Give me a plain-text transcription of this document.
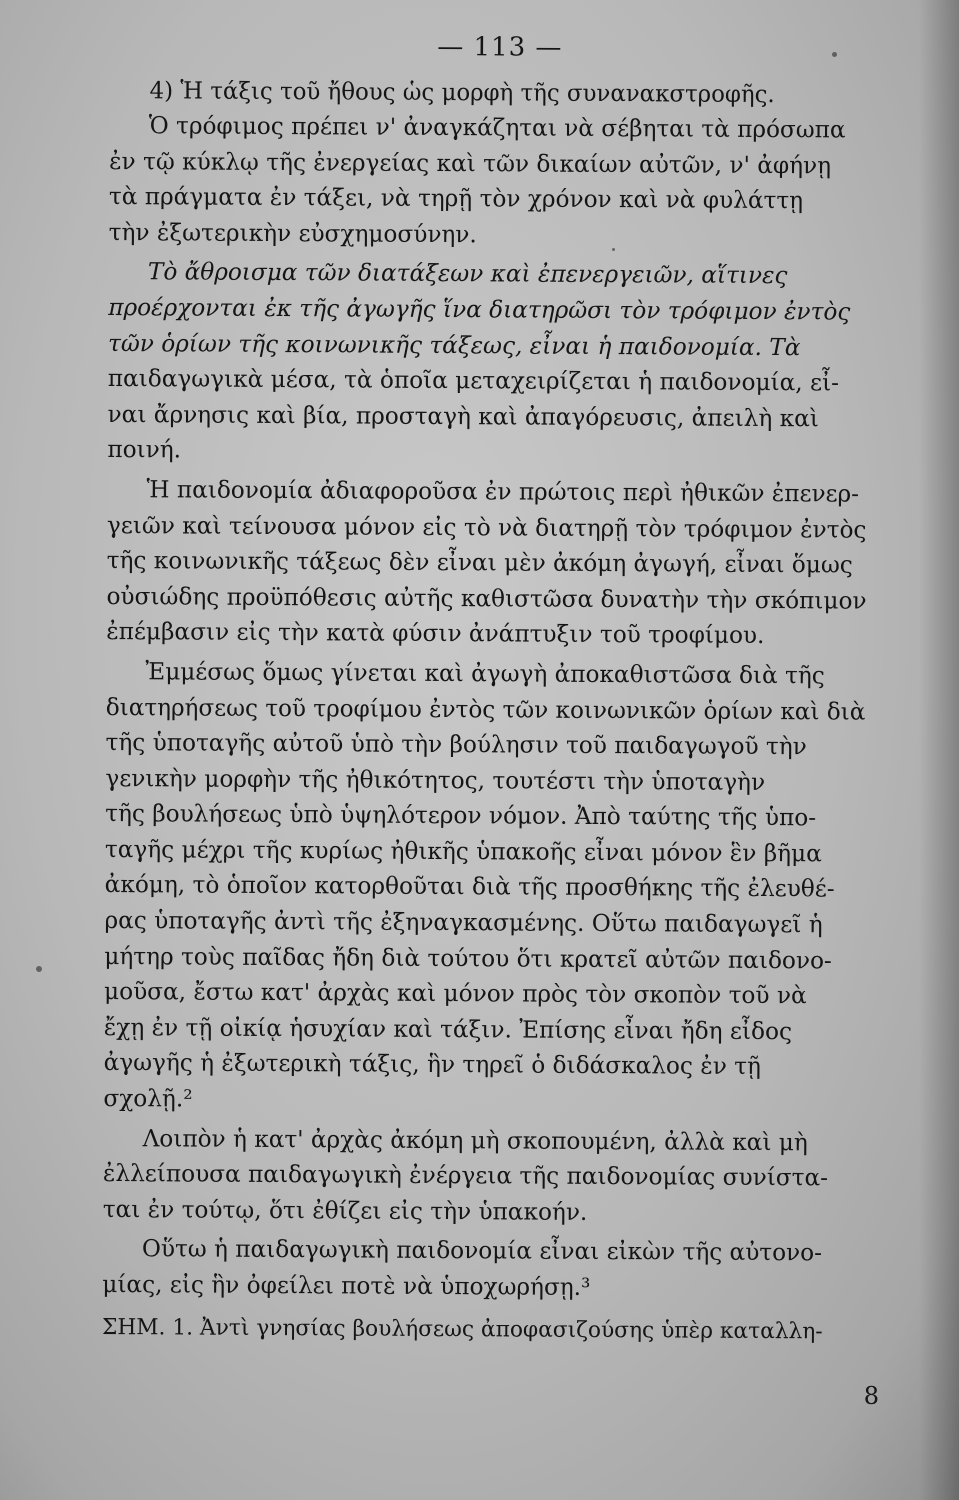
— 113 —
4) Ἡ τάξις τοῦ ἤθους ὡς μορφὴ τῆς συνανακστροφῆς.
Ὁ τρόφιμος πρέπει ν' ἀναγκάζηται νὰ σέβηται τὰ πρόσωπα
ἐν τῷ κύκλῳ τῆς ἐνεργείας καὶ τῶν δικαίων αὐτῶν, ν' ἀφήνῃ
τὰ πράγματα ἐν τάξει, νὰ τηρῇ τὸν χρόνον καὶ νὰ φυλάττῃ
τὴν ἐξωτερικὴν εὐσχημοσύνην.
Τὸ ἄθροισμα τῶν διατάξεων καὶ ἐπενεργειῶν, αἵτινες
προέρχονται ἐκ τῆς ἀγωγῆς ἵνα διατηρῶσι τὸν τρόφιμον ἐντὸς
τῶν ὁρίων τῆς κοινωνικῆς τάξεως, εἶναι ἡ παιδονομία. Τὰ
παιδαγωγικὰ μέσα, τὰ ὁποῖα μεταχειρίζεται ἡ παιδονομία, εἶ-
ναι ἄρνησις καὶ βία, προσταγὴ καὶ ἀπαγόρευσις, ἀπειλὴ καὶ
ποινή.
Ἡ παιδονομία ἀδιαφοροῦσα ἐν πρώτοις περὶ ἠθικῶν ἐπενερ-
γειῶν καὶ τείνουσα μόνον εἰς τὸ νὰ διατηρῇ τὸν τρόφιμον ἐντὸς
τῆς κοινωνικῆς τάξεως δὲν εἶναι μὲν ἀκόμη ἀγωγή, εἶναι ὅμως
οὐσιώδης προϋπόθεσις αὐτῆς καθιστῶσα δυνατὴν τὴν σκόπιμον
ἐπέμβασιν εἰς τὴν κατὰ φύσιν ἀνάπτυξιν τοῦ τροφίμου.
Ἐμμέσως ὅμως γίνεται καὶ ἀγωγὴ ἀποκαθιστῶσα διὰ τῆς
διατηρήσεως τοῦ τροφίμου ἐντὸς τῶν κοινωνικῶν ὁρίων καὶ διὰ
τῆς ὑποταγῆς αὐτοῦ ὑπὸ τὴν βούλησιν τοῦ παιδαγωγοῦ τὴν
γενικὴν μορφὴν τῆς ἠθικότητος, τουτέστι τὴν ὑποταγὴν
τῆς βουλήσεως ὑπὸ ὑψηλότερον νόμον. Ἀπὸ ταύτης τῆς ὑπο-
ταγῆς μέχρι τῆς κυρίως ἠθικῆς ὑπακοῆς εἶναι μόνον ἓν βῆμα
ἀκόμη, τὸ ὁποῖον κατορθοῦται διὰ τῆς προσθήκης τῆς ἐλευθέ-
ρας ὑποταγῆς ἀντὶ τῆς ἐξηναγκασμένης. Οὕτω παιδαγωγεῖ ἡ
μήτηρ τοὺς παῖδας ἤδη διὰ τούτου ὅτι κρατεῖ αὐτῶν παιδονο-
μοῦσα, ἔστω κατ' ἀρχὰς καὶ μόνον πρὸς τὸν σκοπὸν τοῦ νὰ
ἔχῃ ἐν τῇ οἰκίᾳ ἡσυχίαν καὶ τάξιν. Ἐπίσης εἶναι ἤδη εἶδος
ἀγωγῆς ἡ ἐξωτερικὴ τάξις, ἣν τηρεῖ ὁ διδάσκαλος ἐν τῇ
σχολῇ.²
Λοιπὸν ἡ κατ' ἀρχὰς ἀκόμη μὴ σκοπουμένη, ἀλλὰ καὶ μὴ
ἐλλείπουσα παιδαγωγικὴ ἐνέργεια τῆς παιδονομίας συνίστα-
ται ἐν τούτῳ, ὅτι ἐθίζει εἰς τὴν ὑπακοήν.
Οὕτω ἡ παιδαγωγικὴ παιδονομία εἶναι εἰκὼν τῆς αὐτονο-
μίας, εἰς ἣν ὀφείλει ποτὲ νὰ ὑποχωρήσῃ.³
ΣΗΜ. 1. Ἀντὶ γνησίας βουλήσεως ἀποφασιζούσης ὑπὲρ καταλλη-
8
